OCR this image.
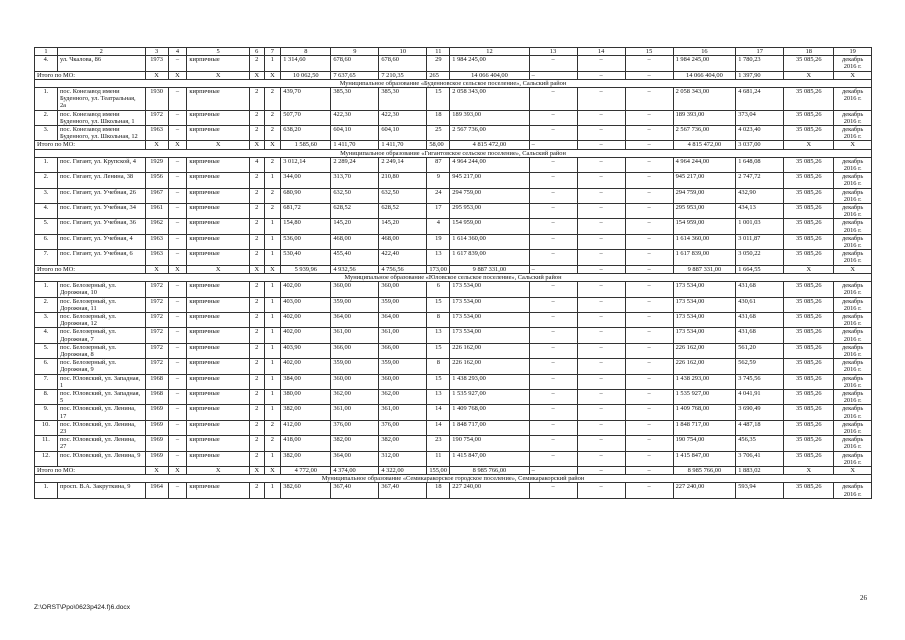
1	2	3	4	5	6	7	8	9	10	11	12	13	14	15	16	17	18	19
4.	ул. Чкалова, 86	1973	–	кирпичные	2	1	1 314,60	678,60	678,60	29	1 984 245,00	–	–	–	1 984 245,00	1 780,23	35 085,26	декабрь 2016 г.
Итого по МО:		X	X	X	X	X	10 062,50	7 637,65	7 210,35	265	14 066 404,00	–	–	–	14 066 404,00	1 397,90	X	X
Муниципальное образование «Буденновское сельское поселение», Сальский район																		
1.	пос. Конезавод имени Буденного, ул. Театральная, 2а	1930	–	кирпичные	2	2	439,70	385,30	385,30	15	2 058 343,00	–	–	–	2 058 343,00	4 681,24	35 085,26	декабрь 2016 г.
2.	пос. Конезавод имени Буденного, ул. Школьная, 1	1972	–	кирпичные	2	2	507,70	422,30	422,30	18	189 393,00	–	–	–	189 393,00	373,04	35 085,26	декабрь 2016 г.
3.	пос. Конезавод имени Буденного, ул. Школьная, 12	1963	–	кирпичные	2	2	638,20	604,10	604,10	25	2 567 736,00	–	–	–	2 567 736,00	4 023,40	35 085,26	декабрь 2016 г.
Итого по МО:		X	X	X	X	X	1 585,60	1 411,70	1 411,70	58,00	4 815 472,00	–	–	–	4 815 472,00	3 037,00	X	X
Муниципальное образование «Гигантовское сельское поселение», Сальский район																		
1.	пос. Гигант, ул. Крупской, 4	1929	–	кирпичные	4	2	3 012,14	2 289,24	2 249,14	87	4 964 244,00	–	–	–	4 964 244,00	1 648,08	35 085,26	декабрь 2016 г.
2.	пос. Гигант, ул. Ленина, 38	1956	–	кирпичные	2	1	344,00	313,70	210,80	9	945 217,00	–	–	–	945 217,00	2 747,72	35 085,26	декабрь 2016 г.
3.	пос. Гигант, ул. Учебная, 26	1967	–	кирпичные	2	2	680,90	632,50	632,50	24	294 759,00	–	–	–	294 759,00	432,90	35 085,26	декабрь 2016 г.
4.	пос. Гигант, ул. Учебная, 34	1961	–	кирпичные	2	2	681,72	628,52	628,52	17	295 953,00	–	–	–	295 953,00	434,13	35 085,26	декабрь 2016 г.
5.	пос. Гигант, ул. Учебная, 36	1962	–	кирпичные	2	1	154,80	145,20	145,20	4	154 959,00	–	–	–	154 959,00	1 001,03	35 085,26	декабрь 2016 г.
6.	пос. Гигант, ул. Учебная, 4	1963	–	кирпичные	2	1	536,00	468,00	468,00	19	1 614 360,00	–	–	–	1 614 360,00	3 011,87	35 085,26	декабрь 2016 г.
7.	пос. Гигант, ул. Учебная, 6	1963	–	кирпичные	2	1	530,40	455,40	422,40	13	1 617 839,00	–	–	–	1 617 839,00	3 050,22	35 085,26	декабрь 2016 г.
Итого по МО:		X	X	X	X	X	5 939,96	4 932,56	4 756,56	173,00	9 887 331,00	–	–	–	9 887 331,00	1 664,55	X	X
Муниципальное образование «Юловское сельское поселение», Сальский район																		
1.	пос. Белозерный, ул. Дорожная, 10	1972	–	кирпичные	2	1	402,00	360,00	360,00	6	173 534,00	–	–	–	173 534,00	431,68	35 085,26	декабрь 2016 г.
2.	пос. Белозерный, ул. Дорожная, 11	1972	–	кирпичные	2	1	403,00	359,00	359,00	15	173 534,00	–	–	–	173 534,00	430,61	35 085,26	декабрь 2016 г.
3.	пос. Белозерный, ул. Дорожная, 12	1972	–	кирпичные	2	1	402,00	364,00	364,00	8	173 534,00	–	–	–	173 534,00	431,68	35 085,26	декабрь 2016 г.
4.	пос. Белозерный, ул. Дорожная, 7	1972	–	кирпичные	2	1	402,00	361,00	361,00	13	173 534,00	–	–	–	173 534,00	431,68	35 085,26	декабрь 2016 г.
5.	пос. Белозерный, ул. Дорожная, 8	1972	–	кирпичные	2	1	403,90	366,00	366,00	15	226 162,00	–	–	–	226 162,00	561,20	35 085,26	декабрь 2016 г.
6.	пос. Белозерный, ул. Дорожная, 9	1972	–	кирпичные	2	1	402,00	359,00	359,00	8	226 162,00	–	–	–	226 162,00	562,59	35 085,26	декабрь 2016 г.
7.	пос. Юловский, ул. Западная, 1	1968	–	кирпичные	2	1	384,00	360,00	360,00	15	1 438 293,00	–	–	–	1 438 293,00	3 745,56	35 085,26	декабрь 2016 г.
8.	пос. Юловский, ул. Западная, 5	1968	–	кирпичные	2	1	380,00	362,00	362,00	13	1 535 927,00	–	–	–	1 535 927,00	4 041,91	35 085,26	декабрь 2016 г.
9.	пос. Юловский, ул. Ленина, 17	1969	–	кирпичные	2	1	382,00	361,00	361,00	14	1 409 768,00	–	–	–	1 409 768,00	3 690,49	35 085,26	декабрь 2016 г.
10.	пос. Юловский, ул. Ленина, 23	1969	–	кирпичные	2	2	412,00	376,00	376,00	14	1 848 717,00	–	–	–	1 848 717,00	4 487,18	35 085,26	декабрь 2016 г.
11.	пос. Юловский, ул. Ленина, 27	1969	–	кирпичные	2	2	418,00	382,00	382,00	23	190 754,00	–	–	–	190 754,00	456,35	35 085,26	декабрь 2016 г.
12.	пос. Юловский, ул. Ленина, 9	1969	–	кирпичные	2	1	382,00	364,00	312,00	11	1 415 847,00	–	–	–	1 415 847,00	3 706,41	35 085,26	декабрь 2016 г.
Итого по МО:		X	X	X	X	X	4 772,00	4 374,00	4 322,00	155,00	8 985 766,00	–	–	–	8 985 766,00	1 883,02	X	X
Муниципальное образование «Семикаракорское городское поселение», Семикаракорский район																		
1.	просп. В.А. Закруткина, 9	1964	–	кирпичные	2	1	382,60	367,40	367,40	18	227 240,00	–	–	–	227 240,00	593,94	35 085,26	декабрь 2016 г.
Z:\ORST\Ppo\0623p424.f)6.docx
26
